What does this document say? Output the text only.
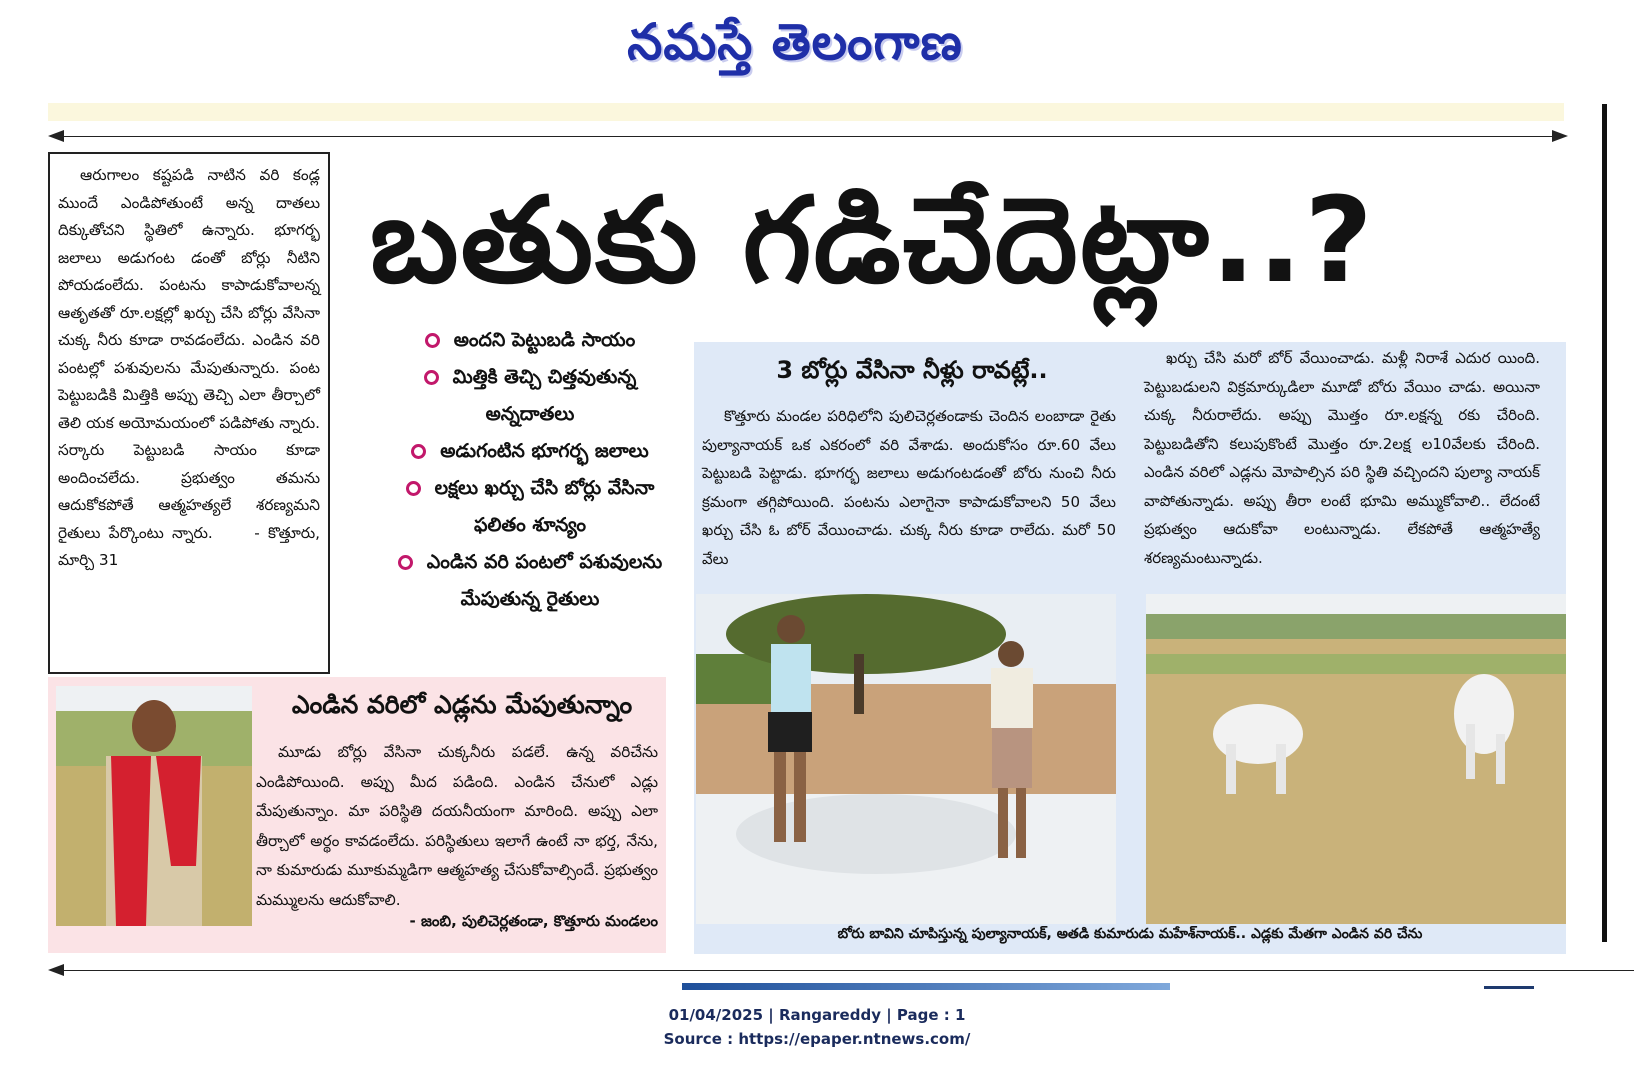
నమస్తే తెలంగాణ

ఆరుగాలం కష్టపడి నాటిన వరి కండ్ల ముందే ఎండిపోతుంటే అన్న దాతలు దిక్కుతోచని స్థితిలో ఉన్నారు. భూగర్భ జలాలు అడుగంట డంతో బోర్లు నీటిని పోయడంలేదు. పంటను కాపాడుకోవాలన్న ఆతృతతో రూ.లక్షల్లో ఖర్చు చేసి బోర్లు వేసినా చుక్క నీరు కూడా రావడంలేదు. ఎండిన వరి పంటల్లో పశువులను మేపుతున్నారు. పంట పెట్టుబడికి మిత్తికి అప్పు తెచ్చి ఎలా తీర్చాలో తెలి యక అయోమయంలో పడిపోతు న్నారు. సర్కారు పెట్టుబడి సాయం కూడా అందించలేదు. ప్రభుత్వం తమను ఆదుకోకపోతే ఆత్మహత్యలే శరణ్యమని రైతులు పేర్కొంటు న్నారు.	- కొత్తూరు, మార్చి 31

బతుకు గడిచేదెట్లా..?
అందని పెట్టుబడి సాయం
మిత్తికి తెచ్చి చిత్తవుతున్న అన్నదాతలు
అడుగంటిన భూగర్భ జలాలు
లక్షలు ఖర్చు చేసి బోర్లు వేసినా ఫలితం శూన్యం
ఎండిన వరి పంటలో పశువులను మేపుతున్న రైతులు
3 బోర్లు వేసినా నీళ్లు రావట్లే..

కొత్తూరు మండల పరిధిలోని పులిచెర్లతండాకు చెందిన లంబాడా రైతు పుల్యానాయక్ ఒక ఎకరంలో వరి వేశాడు. అందుకోసం రూ.60 వేలు పెట్టుబడి పెట్టాడు. భూగర్భ జలాలు అడుగంటడంతో బోరు నుంచి నీరు క్రమంగా తగ్గిపోయింది. పంటను ఎలాగైనా కాపాడుకోవాలని 50 వేలు ఖర్చు చేసి ఓ బోర్ వేయించాడు. చుక్క నీరు కూడా రాలేదు. మరో 50 వేలు

ఖర్చు చేసి మరో బోర్ వేయించాడు. మళ్లీ నిరాశే ఎదుర యింది. పెట్టుబడులని విక్రమార్కుడిలా మూడో బోరు వేయిం చాడు. అయినా చుక్క నీరురాలేదు. అప్పు మొత్తం రూ.లక్షన్న రకు చేరింది. పెట్టుబడితోని కలుపుకొంటే మొత్తం రూ.2లక్ష ల10వేలకు చేరింది. ఎండిన వరిలో ఎడ్లను మోపాల్సిన పరి స్థితి వచ్చిందని పుల్యా నాయక్ వాపోతున్నాడు. అప్పు తీరా లంటే భూమి అమ్ముకోవాలి.. లేదంటే ప్రభుత్వం ఆదుకోవా లంటున్నాడు. లేకపోతే ఆత్మహత్యే శరణ్యమంటున్నాడు.

బోరు బావిని చూపిస్తున్న పుల్యానాయక్, అతడి కుమారుడు మహేశ్‌నాయక్.. ఎడ్లకు మేతగా ఎండిన వరి చేను
ఎండిన వరిలో ఎడ్లను మేపుతున్నాం

మూడు బోర్లు వేసినా చుక్కనీరు పడలే. ఉన్న వరిచేను ఎండిపోయింది. అప్పు మీద పడింది. ఎండిన చేనులో ఎడ్లు మేపుతున్నాం. మా పరిస్థితి దయనీయంగా మారింది. అప్పు ఎలా తీర్చాలో అర్థం కావడంలేదు. పరిస్థితులు ఇలాగే ఉంటే నా భర్త, నేను, నా కుమారుడు మూకుమ్మడిగా ఆత్మహత్య చేసుకోవాల్సిందే. ప్రభుత్వం మమ్ములను ఆదుకోవాలి.

- జంబి, పులిచెర్లతండా, కొత్తూరు మండలం
01/04/2025 | Rangareddy | Page : 1
Source : https://epaper.ntnews.com/
